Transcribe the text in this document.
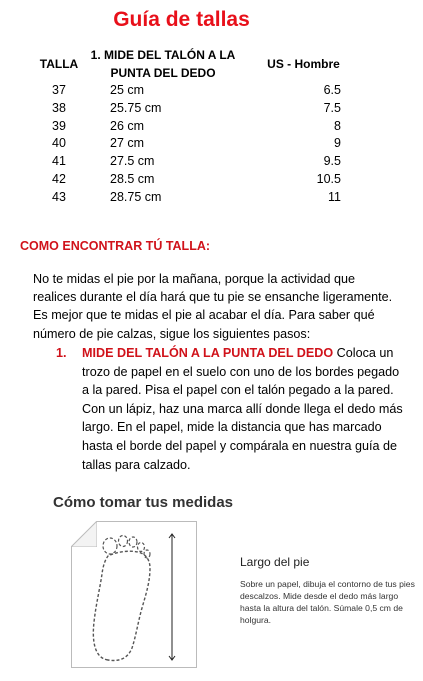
Guía de tallas
TALLA	1. MIDE DEL TALÓN A LA PUNTA DEL DEDO	US - Hombre
37	25 cm	6.5
38	25.75 cm	7.5
39	26 cm	8
40	27 cm	9
41	27.5 cm	9.5
42	28.5 cm	10.5
43	28.75 cm	11
COMO ENCONTRAR TÚ TALLA:
No te midas el pie por la mañana, porque la actividad que realices durante el día hará que tu pie se ensanche ligeramente. Es mejor que te midas el pie al acabar el día. Para saber qué número de pie calzas, sigue los siguientes pasos:
1. MIDE DEL TALÓN A LA PUNTA DEL DEDO Coloca un trozo de papel en el suelo con uno de los bordes pegado a la pared. Pisa el papel con el talón pegado a la pared. Con un lápiz, haz una marca allí donde llega el dedo más largo. En el papel, mide la distancia que has marcado hasta el borde del papel y compárala en nuestra guía de tallas para calzado.
Cómo tomar tus medidas
Largo del pie
Sobre un papel, dibuja el contorno de tus pies descalzos. Mide desde el dedo más largo hasta la altura del talón. Súmale 0,5 cm de holgura.
